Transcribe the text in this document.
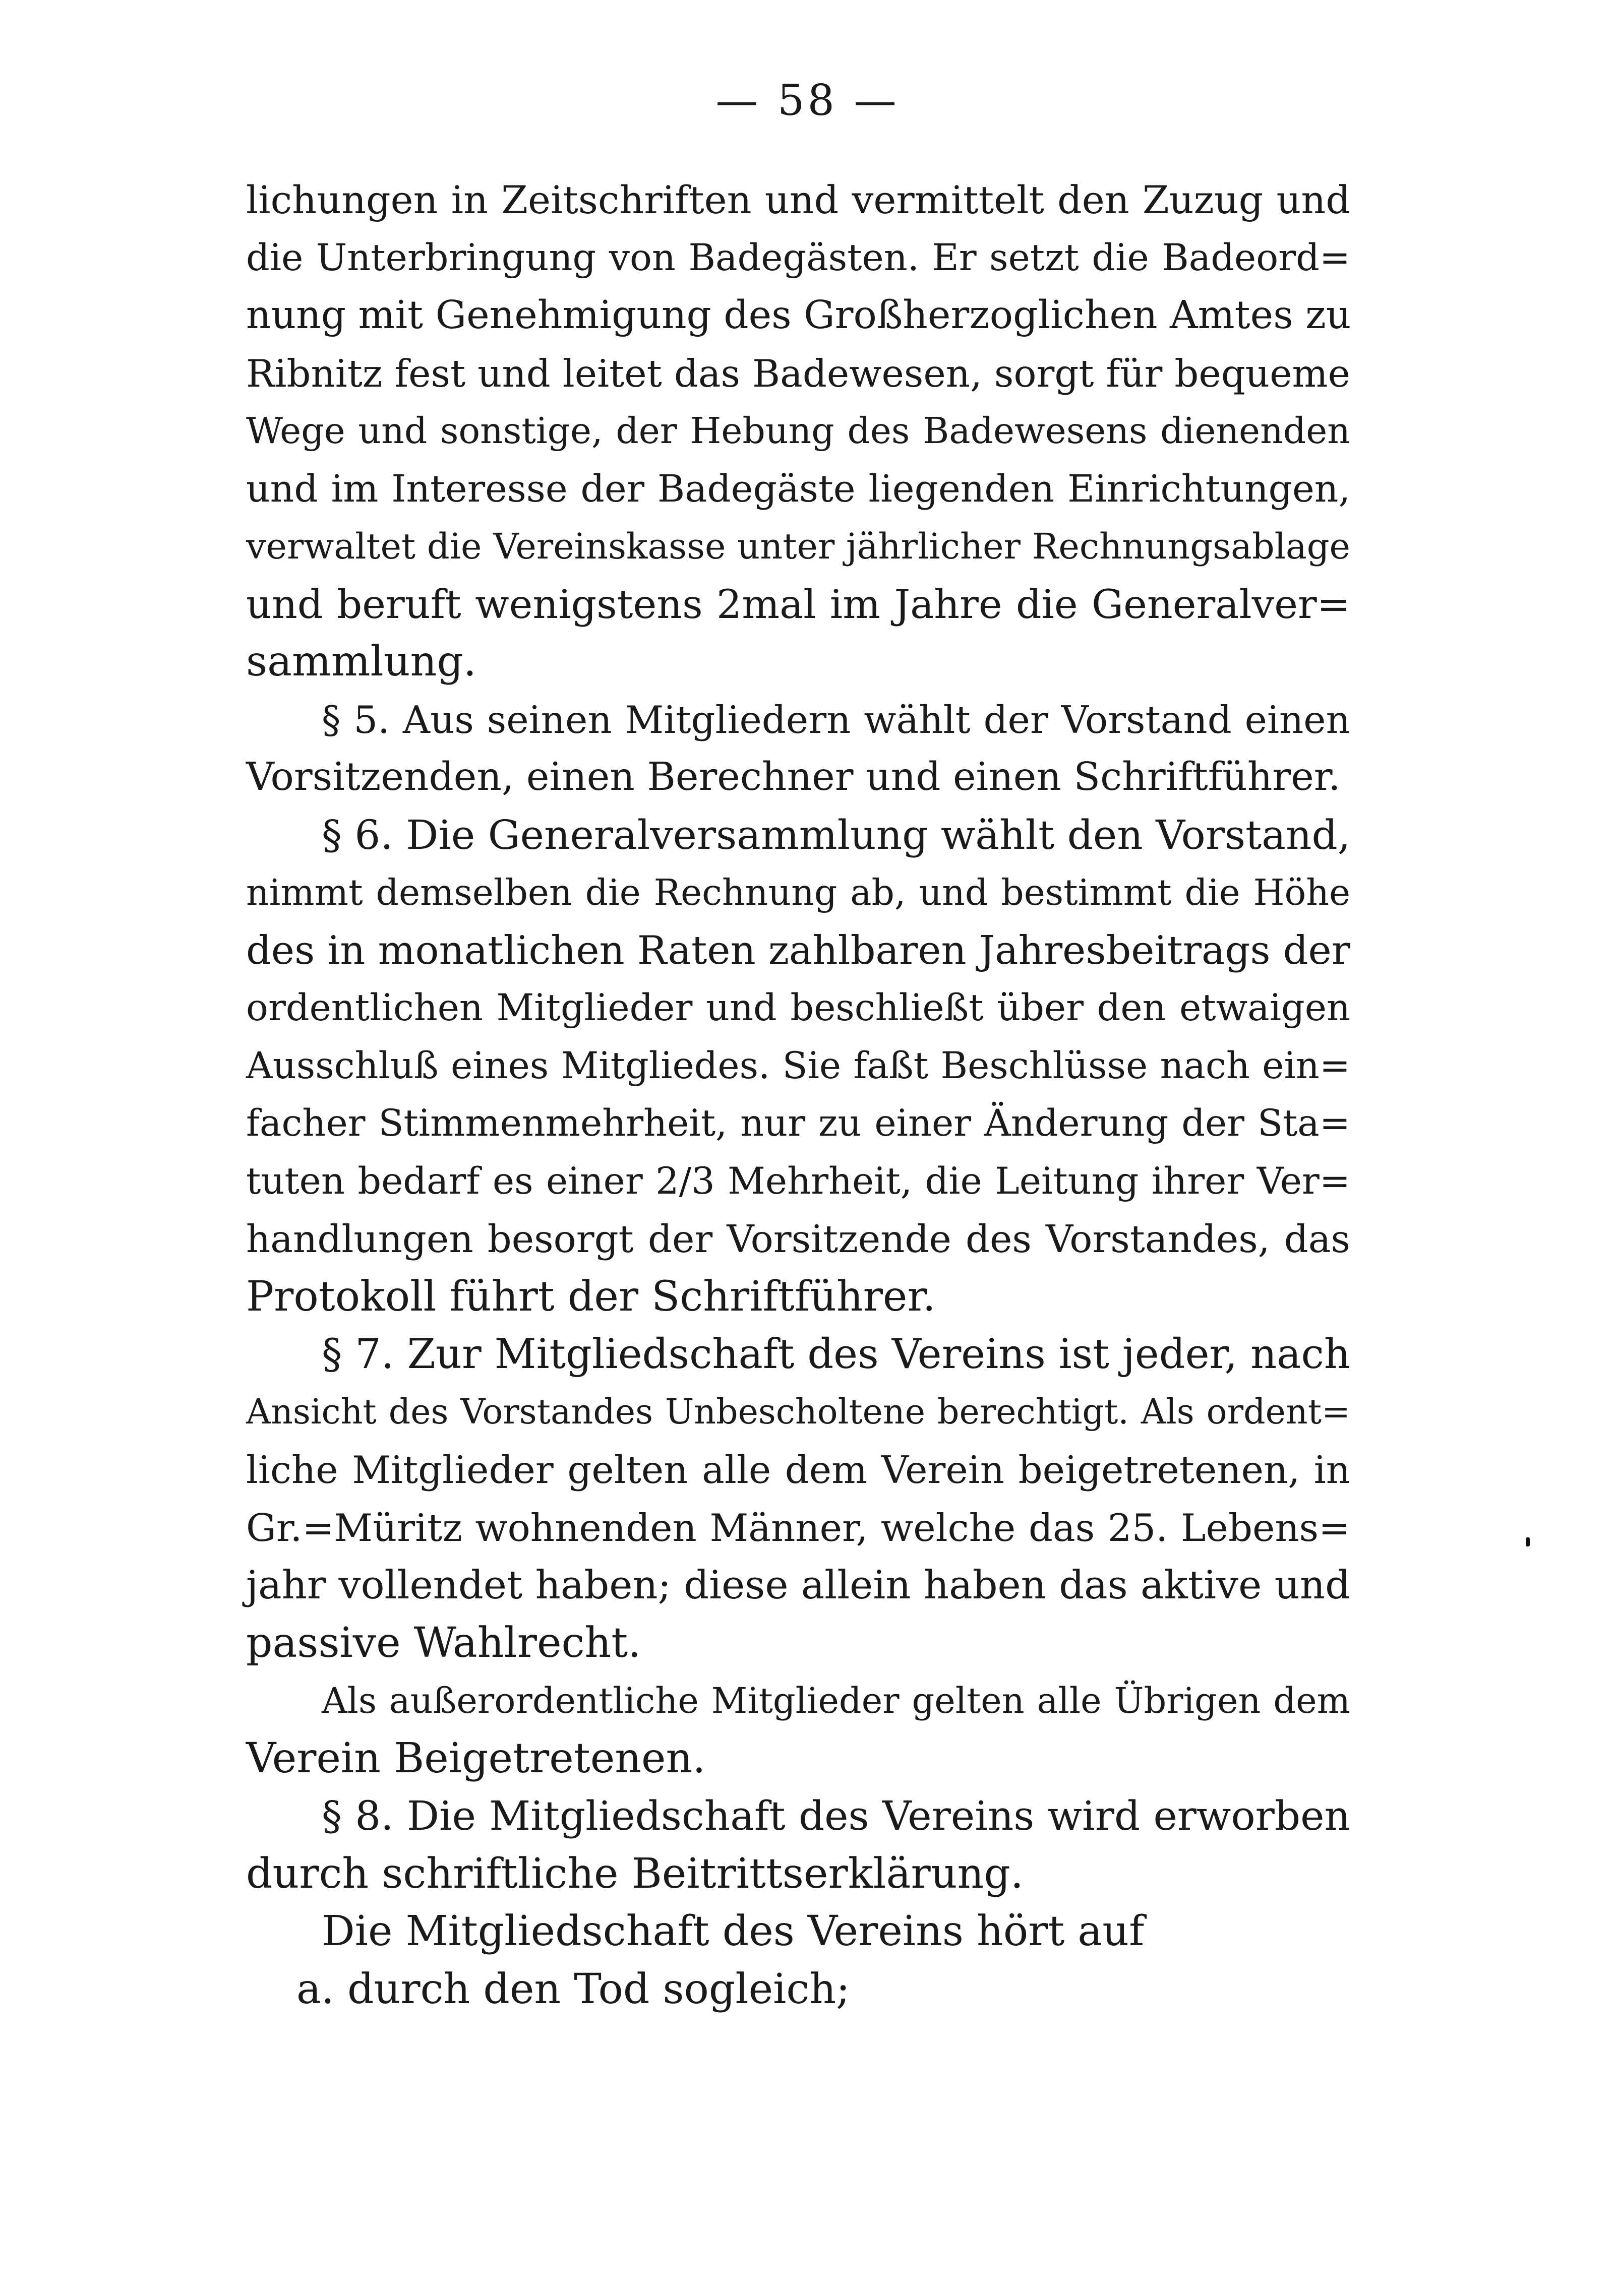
— 58 —
lichungen in Zeitschriften und vermittelt den Zuzug und
die Unterbringung von Badegästen. Er setzt die Badeord=
nung mit Genehmigung des Großherzoglichen Amtes zu
Ribnitz fest und leitet das Badewesen, sorgt für bequeme
Wege und sonstige, der Hebung des Badewesens dienenden
und im Interesse der Badegäste liegenden Einrichtungen,
verwaltet die Vereinskasse unter jährlicher Rechnungsablage
und beruft wenigstens 2mal im Jahre die Generalver=
sammlung.
§ 5. Aus seinen Mitgliedern wählt der Vorstand einen
Vorsitzenden, einen Berechner und einen Schriftführer.
§ 6. Die Generalversammlung wählt den Vorstand,
nimmt demselben die Rechnung ab, und bestimmt die Höhe
des in monatlichen Raten zahlbaren Jahresbeitrags der
ordentlichen Mitglieder und beschließt über den etwaigen
Ausschluß eines Mitgliedes. Sie faßt Beschlüsse nach ein=
facher Stimmenmehrheit, nur zu einer Änderung der Sta=
tuten bedarf es einer 2/3 Mehrheit, die Leitung ihrer Ver=
handlungen besorgt der Vorsitzende des Vorstandes, das
Protokoll führt der Schriftführer.
§ 7. Zur Mitgliedschaft des Vereins ist jeder, nach
Ansicht des Vorstandes Unbescholtene berechtigt. Als ordent=
liche Mitglieder gelten alle dem Verein beigetretenen, in
Gr.=Müritz wohnenden Männer, welche das 25. Lebens=
jahr vollendet haben; diese allein haben das aktive und
passive Wahlrecht.
Als außerordentliche Mitglieder gelten alle Übrigen dem
Verein Beigetretenen.
§ 8. Die Mitgliedschaft des Vereins wird erworben
durch schriftliche Beitrittserklärung.
Die Mitgliedschaft des Vereins hört auf
a. durch den Tod sogleich;
